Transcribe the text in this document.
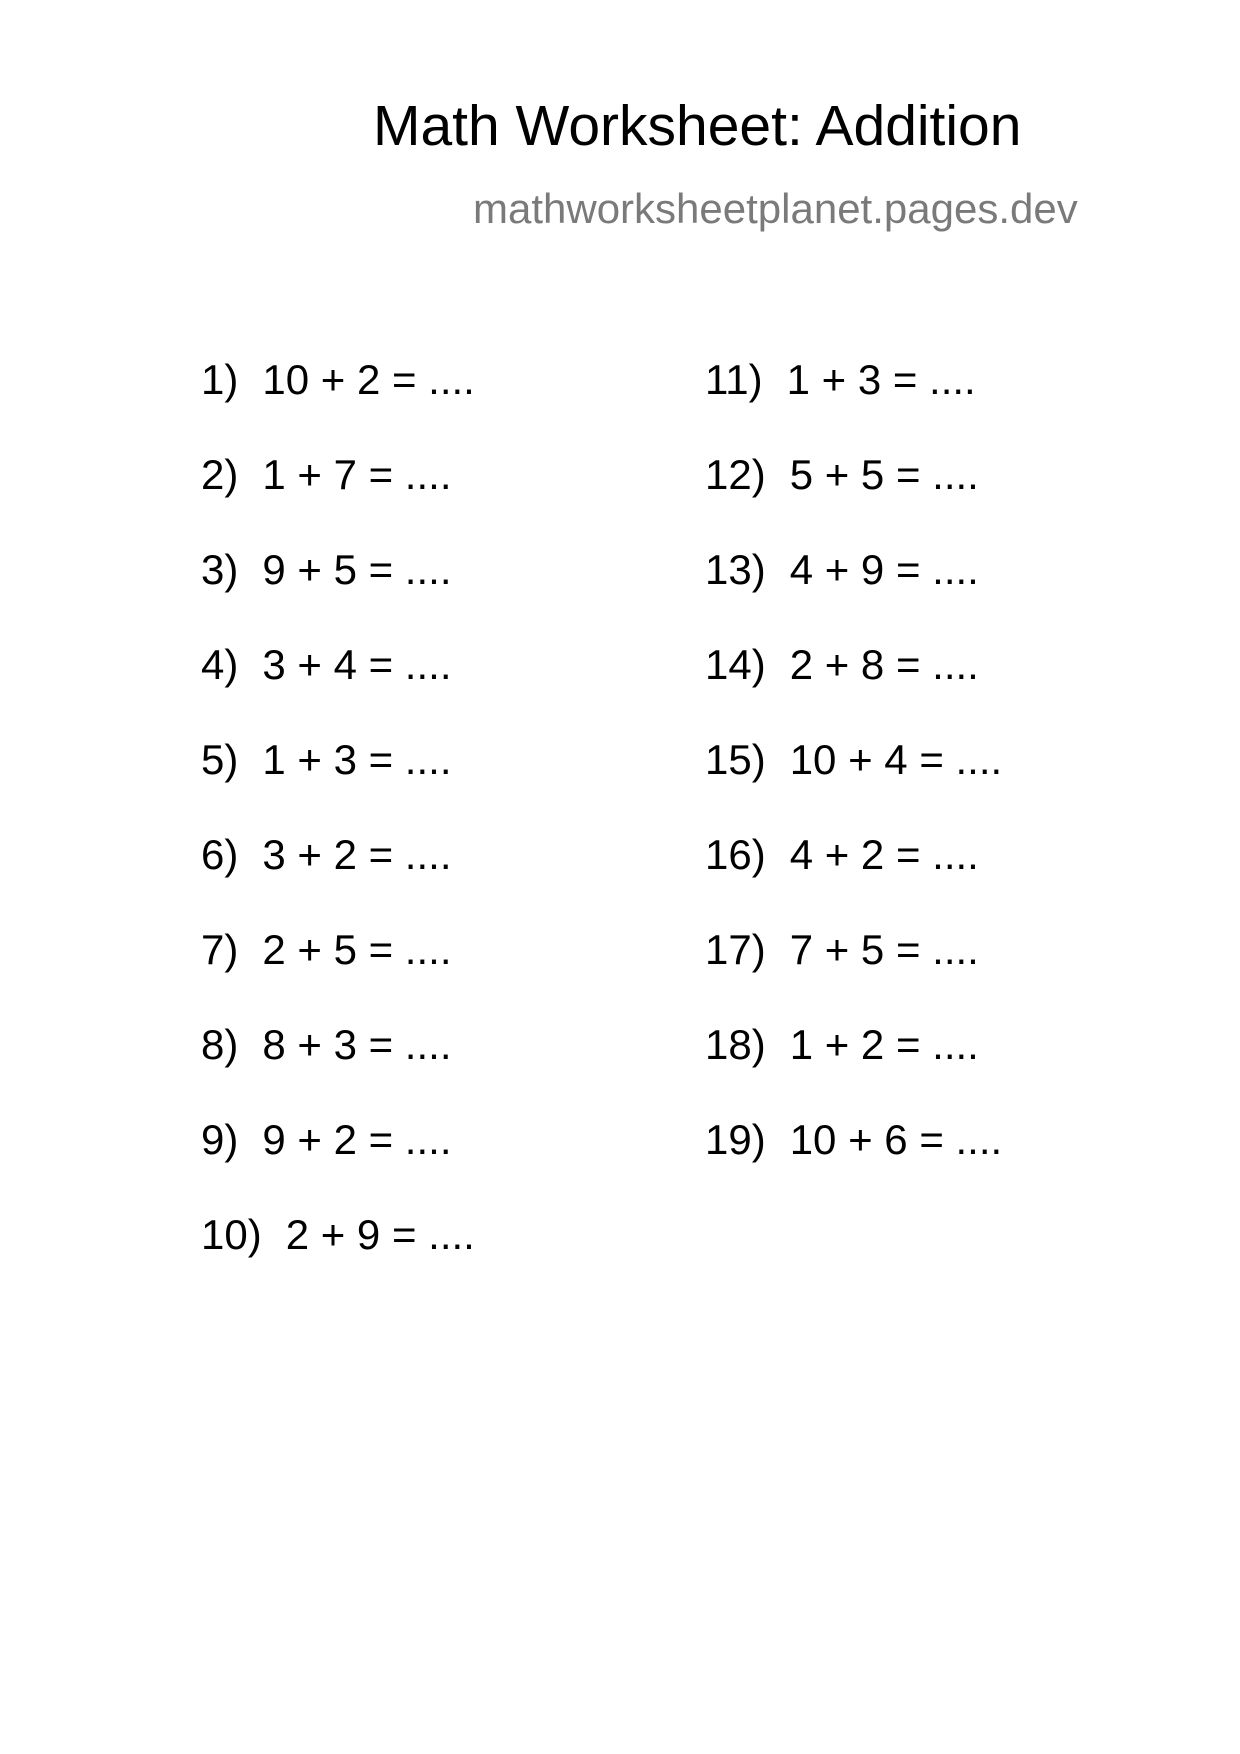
Math Worksheet: Addition
mathworksheetplanet.pages.dev
1) 10 + 2 = ....
2) 1 + 7 = ....
3) 9 + 5 = ....
4) 3 + 4 = ....
5) 1 + 3 = ....
6) 3 + 2 = ....
7) 2 + 5 = ....
8) 8 + 3 = ....
9) 9 + 2 = ....
10) 2 + 9 = ....
11) 1 + 3 = ....
12) 5 + 5 = ....
13) 4 + 9 = ....
14) 2 + 8 = ....
15) 10 + 4 = ....
16) 4 + 2 = ....
17) 7 + 5 = ....
18) 1 + 2 = ....
19) 10 + 6 = ....
